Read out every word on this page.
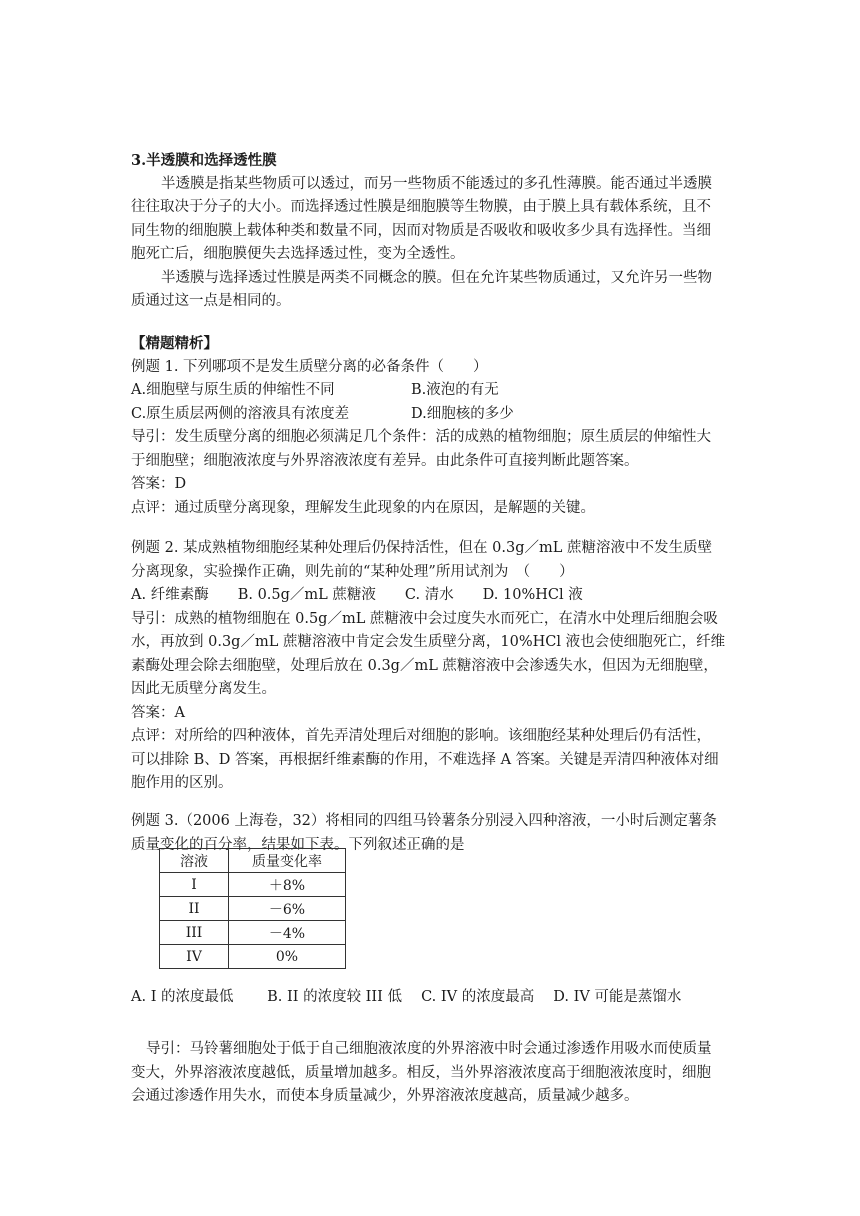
3.半透膜和选择透性膜
半透膜是指某些物质可以透过，而另一些物质不能透过的多孔性薄膜。能否通过半透膜
往往取决于分子的大小。而选择透过性膜是细胞膜等生物膜，由于膜上具有载体系统，且不
同生物的细胞膜上载体种类和数量不同，因而对物质是否吸收和吸收多少具有选择性。当细
胞死亡后，细胞膜便失去选择透过性，变为全透性。
半透膜与选择透过性膜是两类不同概念的膜。但在允许某些物质通过，又允许另一些物
质通过这一点是相同的。
【精题精析】
例题 1. 下列哪项不是发生质壁分离的必备条件（　　）
A.细胞壁与原生质的伸缩性不同	B.液泡的有无
C.原生质层两侧的溶液具有浓度差	D.细胞核的多少
导引：发生质壁分离的细胞必须满足几个条件：活的成熟的植物细胞；原生质层的伸缩性大
于细胞壁；细胞液浓度与外界溶液浓度有差异。由此条件可直接判断此题答案。
答案：D
点评：通过质壁分离现象，理解发生此现象的内在原因，是解题的关键。
例题 2. 某成熟植物细胞经某种处理后仍保持活性，但在 0.3g／mL 蔗糖溶液中不发生质壁
分离现象，实验操作正确，则先前的“某种处理”所用试剂为　（　　）
A. 纤维素酶　　B. 0.5g／mL 蔗糖液　　C. 清水　　D. 10%HCl 液
导引：成熟的植物细胞在 0.5g／mL 蔗糖液中会过度失水而死亡，在清水中处理后细胞会吸
水，再放到 0.3g／mL 蔗糖溶液中肯定会发生质壁分离，10%HCl 液也会使细胞死亡，纤维
素酶处理会除去细胞壁，处理后放在 0.3g／mL 蔗糖溶液中会渗透失水，但因为无细胞壁，
因此无质壁分离发生。
答案：A
点评：对所给的四种液体，首先弄清处理后对细胞的影响。该细胞经某种处理后仍有活性，
可以排除 B、D 答案，再根据纤维素酶的作用，不难选择 A 答案。关键是弄清四种液体对细
胞作用的区别。
例题 3.（2006 上海卷，32）将相同的四组马铃薯条分别浸入四种溶液，一小时后测定薯条
质量变化的百分率，结果如下表。下列叙述正确的是
溶液	质量变化率
I	＋8%
II	－6%
III	－4%
IV	0%
A. I 的浓度最低　　 B. II 的浓度较 III 低　 C. IV 的浓度最高　 D. IV 可能是蒸馏水
导引：马铃薯细胞处于低于自己细胞液浓度的外界溶液中时会通过渗透作用吸水而使质量
变大，外界溶液浓度越低，质量增加越多。相反，当外界溶液浓度高于细胞液浓度时，细胞
会通过渗透作用失水，而使本身质量减少，外界溶液浓度越高，质量减少越多。
